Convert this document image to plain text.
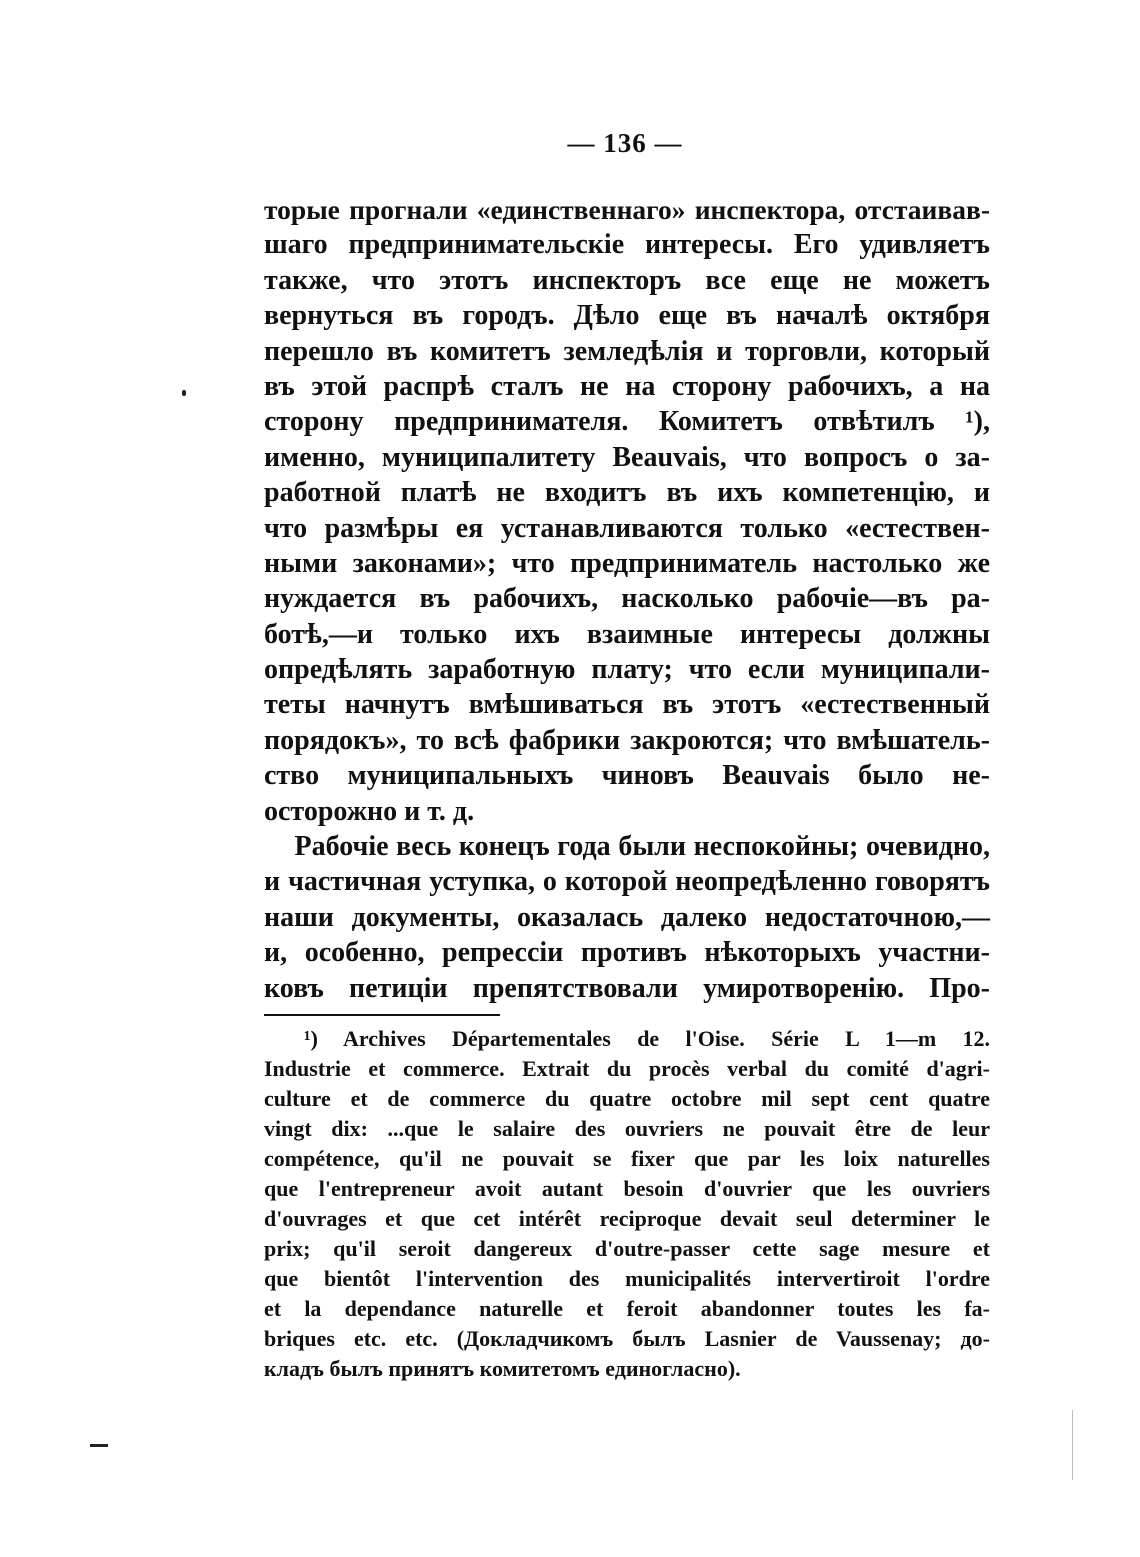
— 136 —
торые прогнали «единственнаго» инспектора, отстаивав-
шаго предпринимательскіе интересы. Его удивляетъ
также, что этотъ инспекторъ все еще не можетъ
вернуться въ городъ. Дѣло еще въ началѣ октября
перешло въ комитетъ земледѣлія и торговли, который
въ этой распрѣ сталъ не на сторону рабочихъ, а на
сторону предпринимателя. Комитетъ отвѣтилъ ¹),
именно, муниципалитету Beauvais, что вопросъ о за-
работной платѣ не входитъ въ ихъ компетенцію, и
что размѣры ея устанавливаются только «естествен-
ными законами»; что предприниматель настолько же
нуждается въ рабочихъ, насколько рабочіе—въ ра-
ботѣ,—и только ихъ взаимные интересы должны
опредѣлять заработную плату; что если муниципали-
теты начнутъ вмѣшиваться въ этотъ «естественный
порядокъ», то всѣ фабрики закроются; что вмѣшатель-
ство муниципальныхъ чиновъ Beauvais было не-
осторожно и т. д.
Рабочіе весь конецъ года были неспокойны; очевидно,
и частичная уступка, о которой неопредѣленно говорятъ
наши документы, оказалась далеко недостаточною,—
и, особенно, репрессіи противъ нѣкоторыхъ участни-
ковъ петиціи препятствовали умиротворенію. Про-
¹) Archives Départementales de l'Oise. Série L 1—m 12.
Industrie et commerce. Extrait du procès verbal du comité d'agri-
culture et de commerce du quatre octobre mil sept cent quatre
vingt dix: ...que le salaire des ouvriers ne pouvait être de leur
compétence, qu'il ne pouvait se fixer que par les loix naturelles
que l'entrepreneur avoit autant besoin d'ouvrier que les ouvriers
d'ouvrages et que cet intérêt reciproque devait seul determiner le
prix; qu'il seroit dangereux d'outre-passer cette sage mesure et
que bientôt l'intervention des municipalités intervertiroit l'ordre
et la dependance naturelle et feroit abandonner toutes les fa-
briques etc. etc. (Докладчикомъ былъ Lasnier de Vaussenay; до-
кладъ былъ принятъ комитетомъ единогласно).
